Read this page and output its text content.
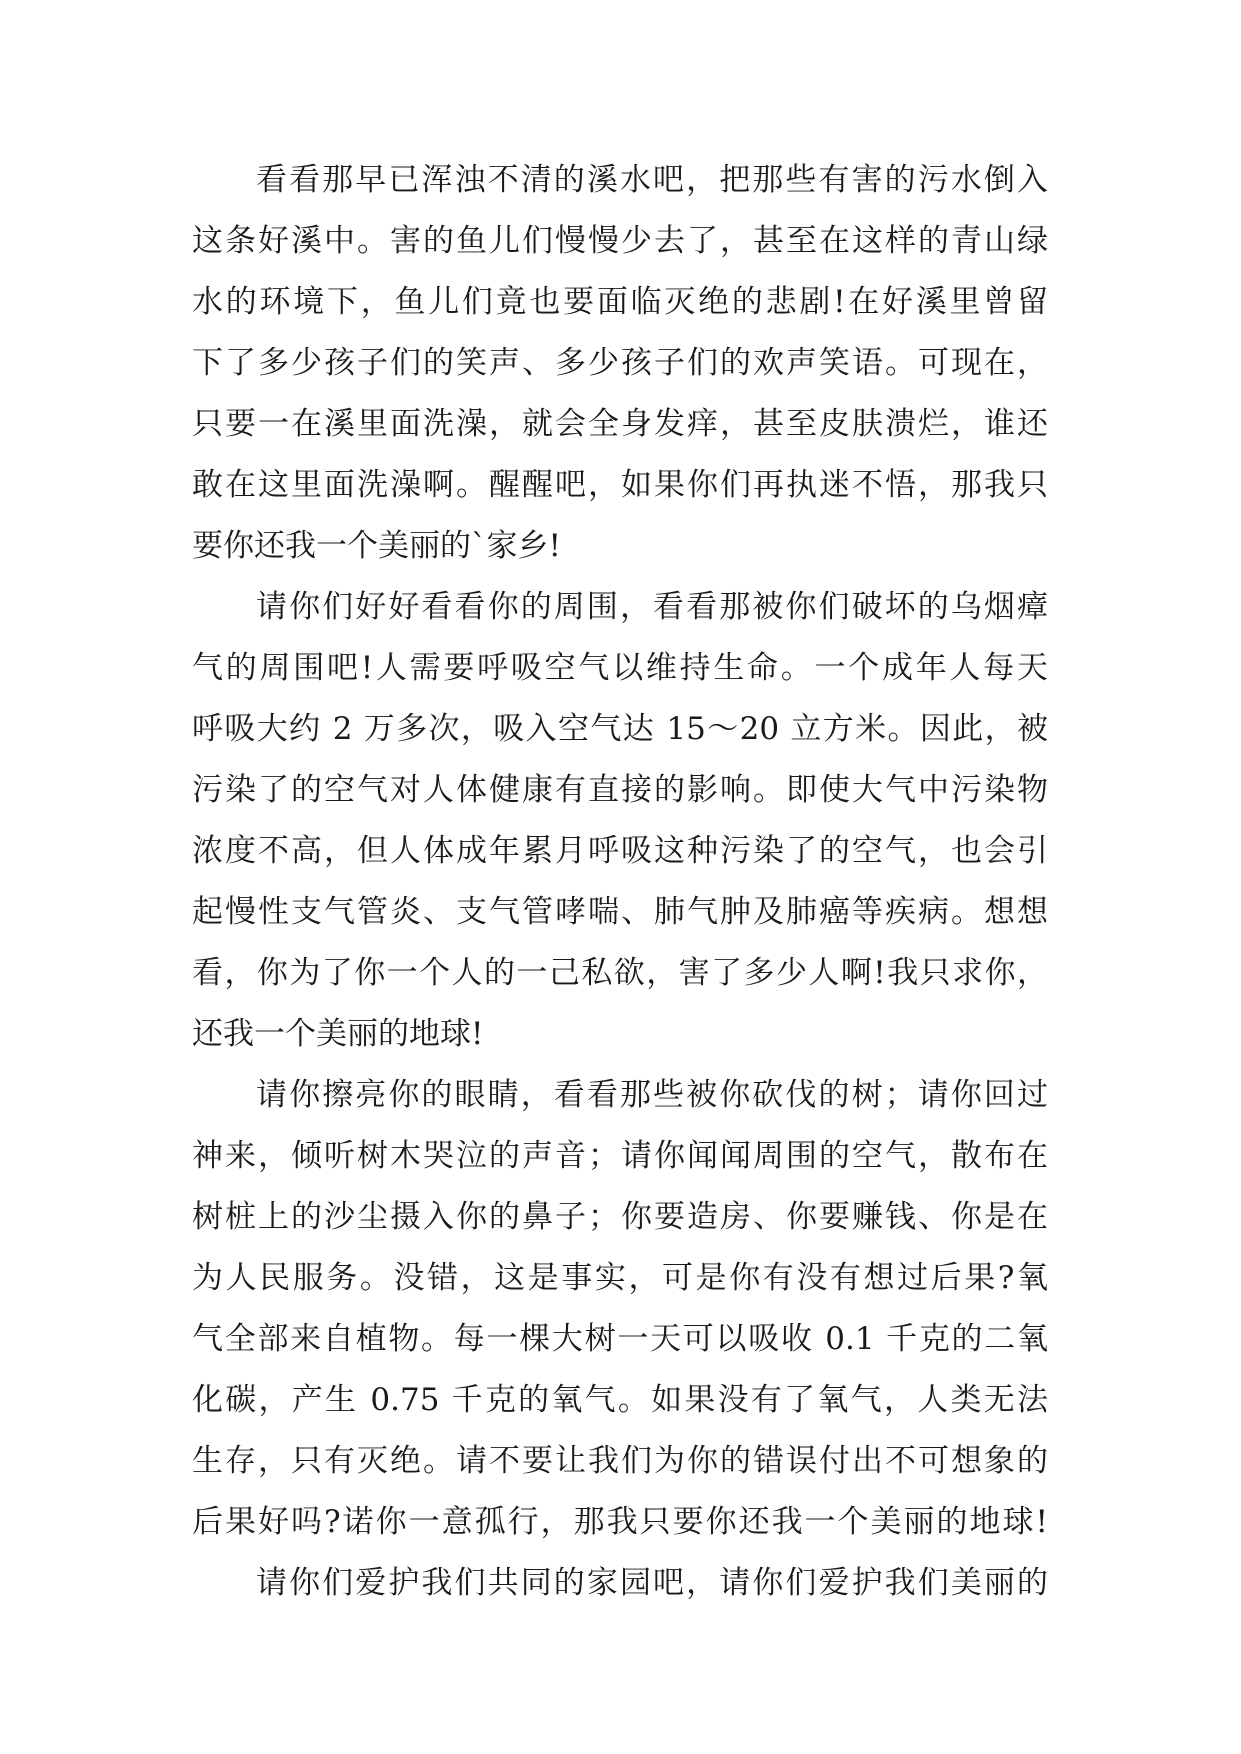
看看那早已浑浊不清的溪水吧，把那些有害的污水倒入
这条好溪中。害的鱼儿们慢慢少去了，甚至在这样的青山绿
水的环境下，鱼儿们竟也要面临灭绝的悲剧!在好溪里曾留
下了多少孩子们的笑声、多少孩子们的欢声笑语。可现在，
只要一在溪里面洗澡，就会全身发痒，甚至皮肤溃烂，谁还
敢在这里面洗澡啊。醒醒吧，如果你们再执迷不悟，那我只
要你还我一个美丽的`家乡!
请你们好好看看你的周围，看看那被你们破坏的乌烟瘴
气的周围吧!人需要呼吸空气以维持生命。一个成年人每天
呼吸大约 2 万多次，吸入空气达 15～20 立方米。因此，被
污染了的空气对人体健康有直接的影响。即使大气中污染物
浓度不高，但人体成年累月呼吸这种污染了的空气，也会引
起慢性支气管炎、支气管哮喘、肺气肿及肺癌等疾病。想想
看，你为了你一个人的一己私欲，害了多少人啊!我只求你，
还我一个美丽的地球!
请你擦亮你的眼睛，看看那些被你砍伐的树；请你回过
神来，倾听树木哭泣的声音；请你闻闻周围的空气，散布在
树桩上的沙尘摄入你的鼻子；你要造房、你要赚钱、你是在
为人民服务。没错，这是事实，可是你有没有想过后果?氧
气全部来自植物。每一棵大树一天可以吸收 0.1 千克的二氧
化碳，产生 0.75 千克的氧气。如果没有了氧气，人类无法
生存，只有灭绝。请不要让我们为你的错误付出不可想象的
后果好吗?诺你一意孤行，那我只要你还我一个美丽的地球!
请你们爱护我们共同的家园吧，请你们爱护我们美丽的
